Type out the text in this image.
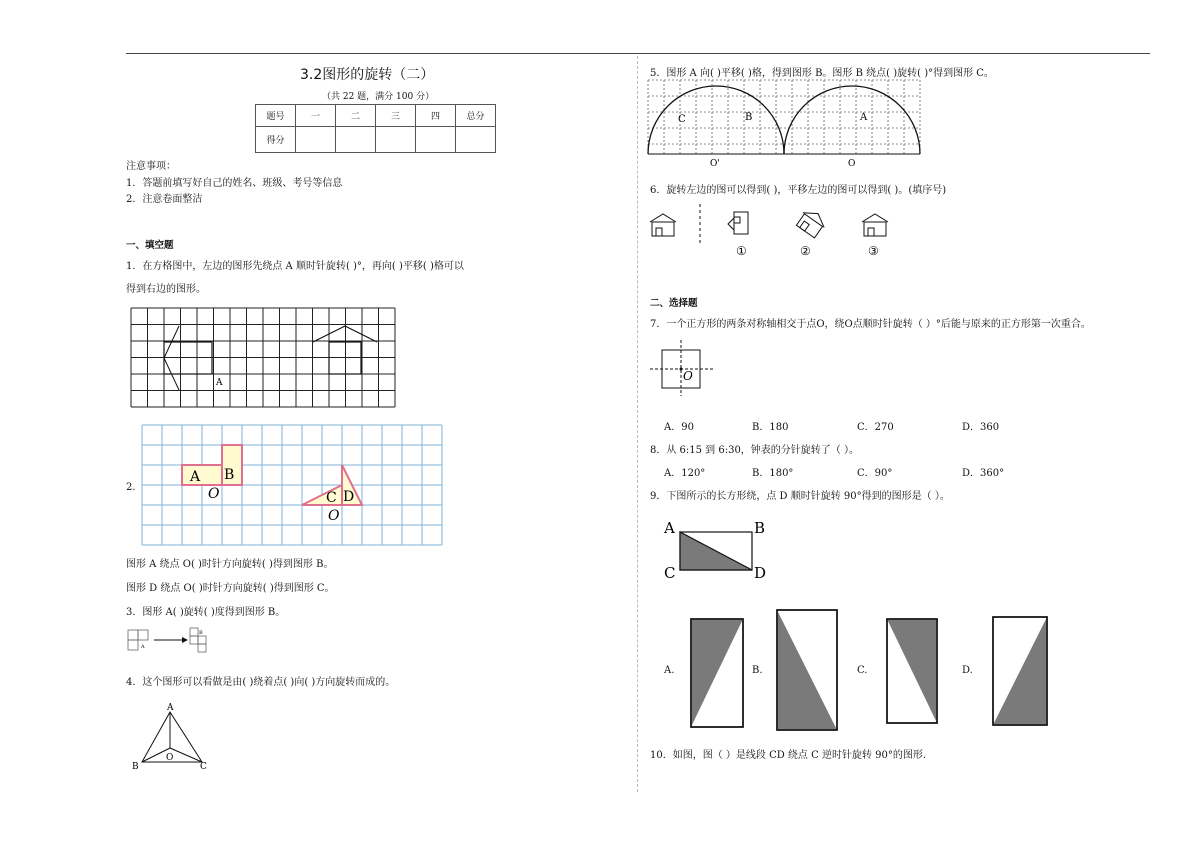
3.2图形的旋转（二）
（共 22 题，满分 100 分）
题号	一	二	三	四	总分
得分					
注意事项：
1．答题前填写好自己的姓名、班级、考号等信息
2．注意卷面整洁
一、填空题
1．在方格图中，左边的图形先绕点 A 顺时针旋转( )°，再向( )平移( )格可以
得到右边的图形。
A
2.
A B
O	C D
O
图形 A 绕点 O( )时针方向旋转( )得到图形 B。
图形 D 绕点 O( )时针方向旋转( )得到图形 C。
3．图形 A( )旋转( )度得到图形 B。
A
B
4．这个图形可以看做是由( )绕着点( )向( )方向旋转而成的。
A
B	C
O
5．图形 A 向( )平移( )格，得到图形 B。图形 B 绕点( )旋转( )°得到图形 C。
C	B	A
O'	O
6．旋转左边的图可以得到( )，平移左边的图可以得到( )。(填序号)
①	②	③
二、选择题
7．一个正方形的两条对称轴相交于点O，绕O点顺时针旋转（ ）°后能与原来的正方形第一次重合。
O
A．90	B．180	C．270	D．360
8．从 6:15 到 6:30，钟表的分针旋转了（ ）。
A．120°	B．180°	C．90°	D．360°
9．下图所示的长方形绕，点 D 顺时针旋转 90°得到的图形是（ ）。
A	B
C	D
A.	B.	C.	D.
10．如图，图（ ）是线段 CD 绕点 C 逆时针旋转 90°的图形.
